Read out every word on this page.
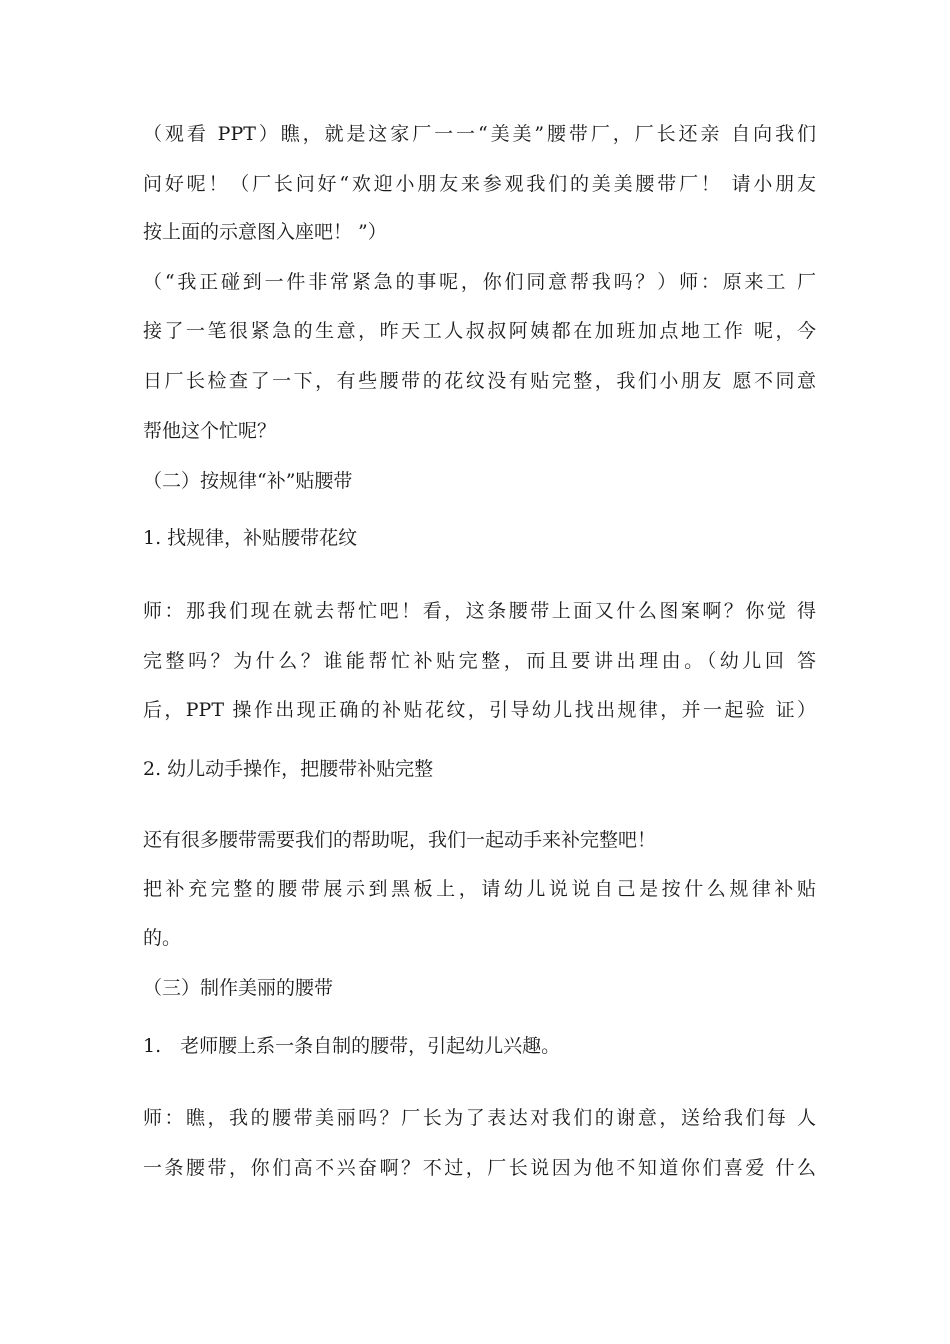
（观看 PPT）瞧，就是这家厂一一“美美”腰带厂，厂长还亲 自向我们
问好呢！（厂长问好“欢迎小朋友来参观我们的美美腰带厂！ 请小朋友
按上面的示意图入座吧！ ”）
（“我正碰到一件非常紧急的事呢，你们同意帮我吗？）师：原来工 厂
接了一笔很紧急的生意，昨天工人叔叔阿姨都在加班加点地工作 呢，今
日厂长检查了一下，有些腰带的花纹没有贴完整，我们小朋友 愿不同意
帮他这个忙呢？
（二）按规律“补”贴腰带
1. 找规律，补贴腰带花纹
师：那我们现在就去帮忙吧！看，这条腰带上面又什么图案啊？你觉 得
完整吗？为什么？谁能帮忙补贴完整，而且要讲出理由。（幼儿回 答
后，PPT 操作出现正确的补贴花纹，引导幼儿找出规律，并一起验 证）
2. 幼儿动手操作，把腰带补贴完整
还有很多腰带需要我们的帮助呢，我们一起动手来补完整吧！
把补充完整的腰带展示到黑板上，请幼儿说说自己是按什么规律补贴
的。
（三）制作美丽的腰带
1.　老师腰上系一条自制的腰带，引起幼儿兴趣。
师：瞧，我的腰带美丽吗？厂长为了表达对我们的谢意，送给我们每 人
一条腰带，你们高不兴奋啊？不过，厂长说因为他不知道你们喜爱 什么
